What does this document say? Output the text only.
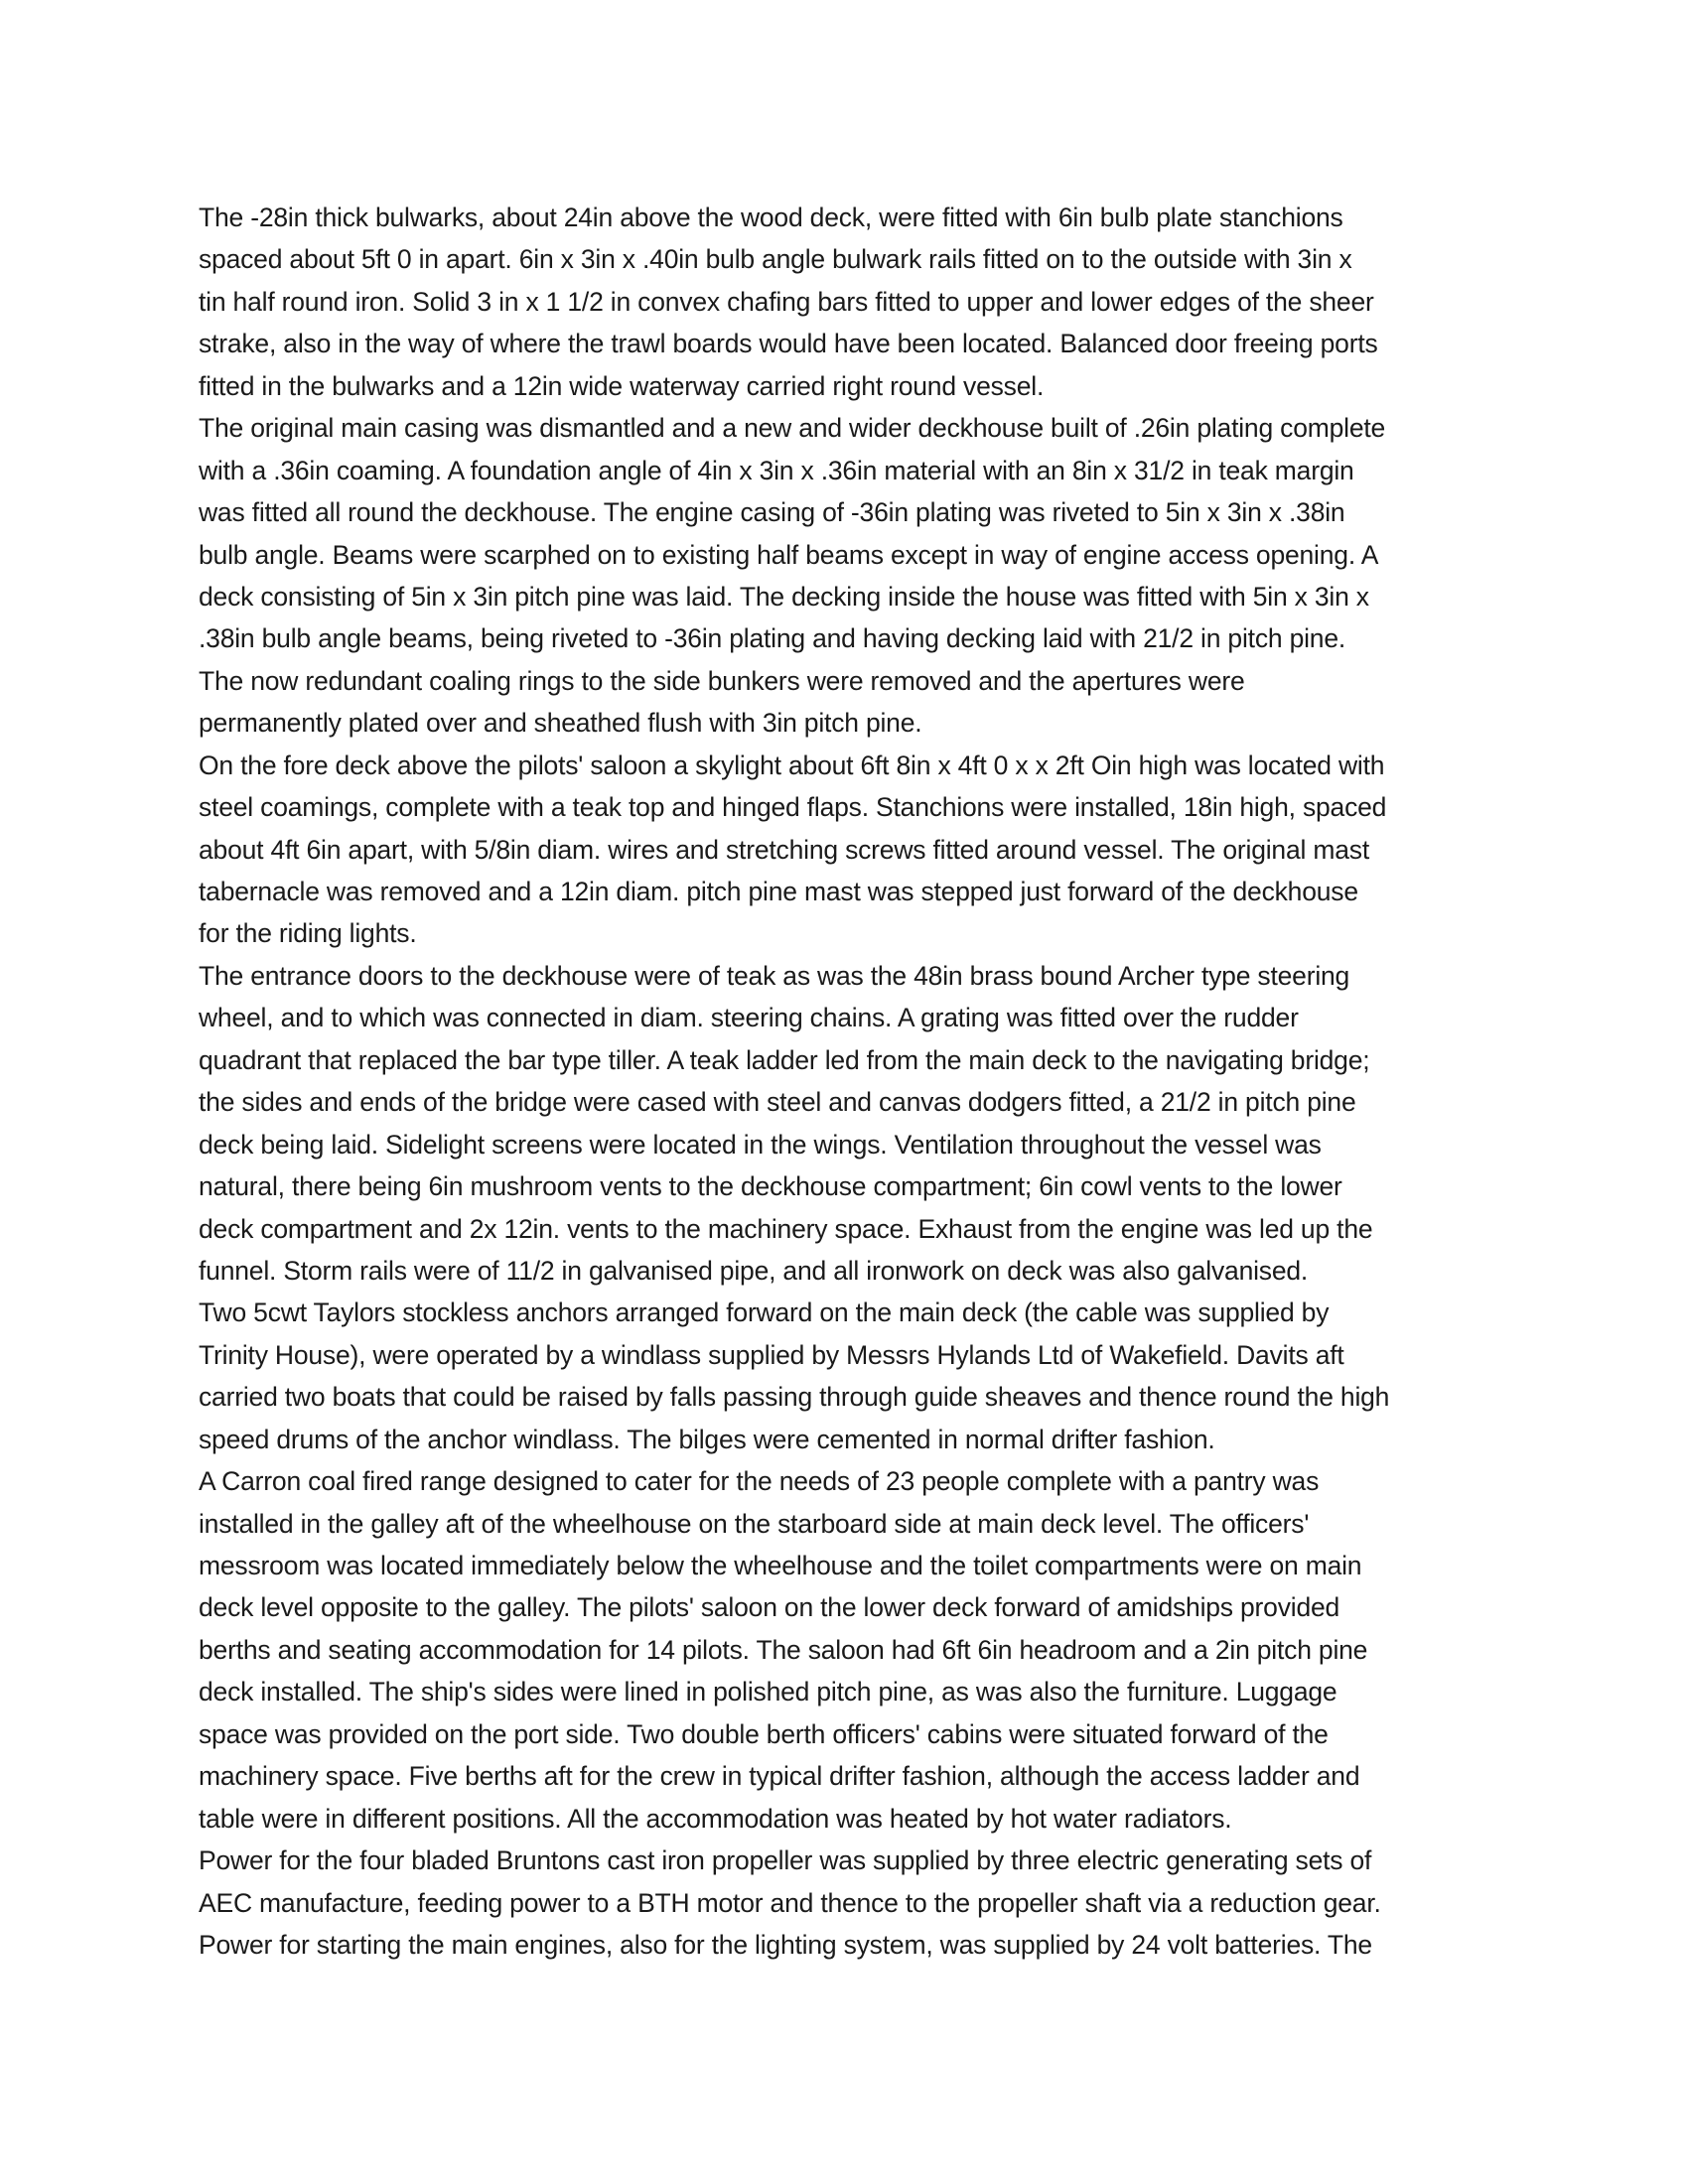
The -28in thick bulwarks, about 24in above the wood deck, were fitted with 6in bulb plate stanchions
spaced about 5ft 0 in apart. 6in x 3in x .40in bulb angle bulwark rails fitted on to the outside with 3in x
tin half round iron. Solid 3 in x 1 1/2 in convex chafing bars fitted to upper and lower edges of the sheer
strake, also in the way of where the trawl boards would have been located. Balanced door freeing ports
fitted in the bulwarks and a 12in wide waterway carried right round vessel.
The original main casing was dismantled and a new and wider deckhouse built of .26in plating complete
with a .36in coaming. A foundation angle of 4in x 3in x .36in material with an 8in x 31/2 in teak margin
was fitted all round the deckhouse. The engine casing of -36in plating was riveted to 5in x 3in x .38in
bulb angle. Beams were scarphed on to existing half beams except in way of engine access opening. A
deck consisting of 5in x 3in pitch pine was laid. The decking inside the house was fitted with 5in x 3in x
.38in bulb angle beams, being riveted to -36in plating and having decking laid with 21/2 in pitch pine.
The now redundant coaling rings to the side bunkers were removed and the apertures were
permanently plated over and sheathed flush with 3in pitch pine.
On the fore deck above the pilots' saloon a skylight about 6ft 8in x 4ft 0 x x 2ft Oin high was located with
steel coamings, complete with a teak top and hinged flaps. Stanchions were installed, 18in high, spaced
about 4ft 6in apart, with 5/8in diam. wires and stretching screws fitted around vessel. The original mast
tabernacle was removed and a 12in diam. pitch pine mast was stepped just forward of the deckhouse
for the riding lights.
The entrance doors to the deckhouse were of teak as was the 48in brass bound Archer type steering
wheel, and to which was connected in diam. steering chains. A grating was fitted over the rudder
quadrant that replaced the bar type tiller. A teak ladder led from the main deck to the navigating bridge;
the sides and ends of the bridge were cased with steel and canvas dodgers fitted, a 21/2 in pitch pine
deck being laid. Sidelight screens were located in the wings. Ventilation throughout the vessel was
natural, there being 6in mushroom vents to the deckhouse compartment; 6in cowl vents to the lower
deck compartment and 2x 12in. vents to the machinery space. Exhaust from the engine was led up the
funnel. Storm rails were of 11/2 in galvanised pipe, and all ironwork on deck was also galvanised.
Two 5cwt Taylors stockless anchors arranged forward on the main deck (the cable was supplied by
Trinity House), were operated by a windlass supplied by Messrs Hylands Ltd of Wakefield. Davits aft
carried two boats that could be raised by falls passing through guide sheaves and thence round the high
speed drums of the anchor windlass. The bilges were cemented in normal drifter fashion.
A Carron coal fired range designed to cater for the needs of 23 people complete with a pantry was
installed in the galley aft of the wheelhouse on the starboard side at main deck level. The officers'
messroom was located immediately below the wheelhouse and the toilet compartments were on main
deck level opposite to the galley. The pilots' saloon on the lower deck forward of amidships provided
berths and seating accommodation for 14 pilots. The saloon had 6ft 6in headroom and a 2in pitch pine
deck installed. The ship's sides were lined in polished pitch pine, as was also the furniture. Luggage
space was provided on the port side. Two double berth officers' cabins were situated forward of the
machinery space. Five berths aft for the crew in typical drifter fashion, although the access ladder and
table were in different positions. All the accommodation was heated by hot water radiators.
Power for the four bladed Bruntons cast iron propeller was supplied by three electric generating sets of
AEC manufacture, feeding power to a BTH motor and thence to the propeller shaft via a reduction gear.
Power for starting the main engines, also for the lighting system, was supplied by 24 volt batteries. The
